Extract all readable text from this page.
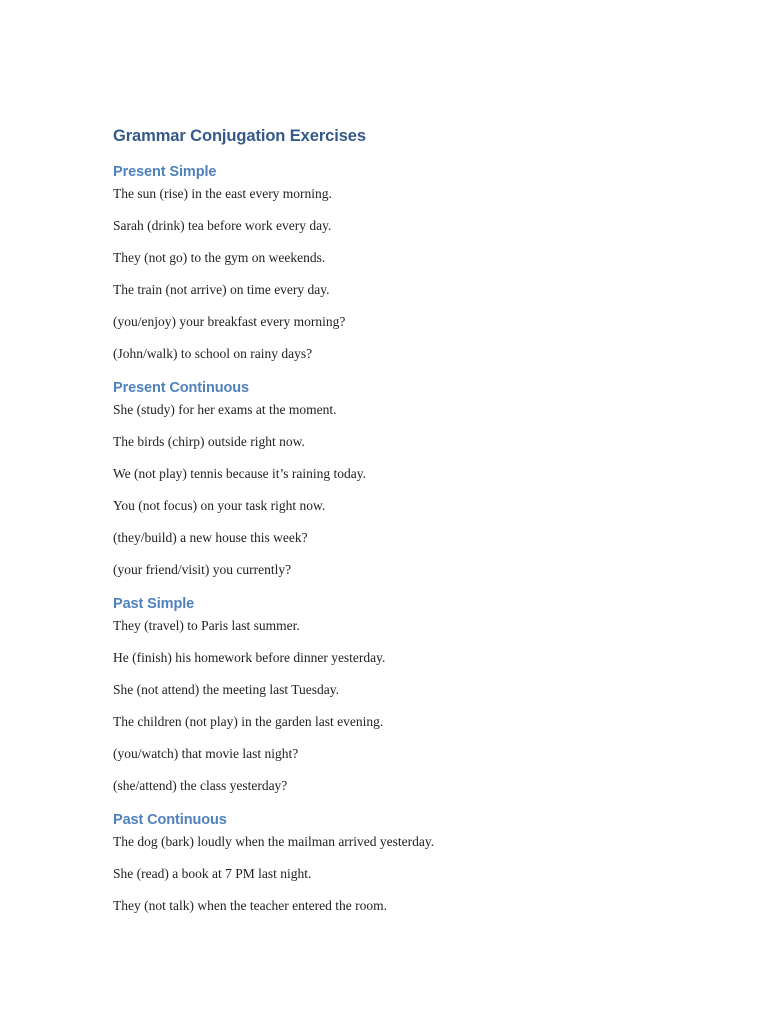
Grammar Conjugation Exercises
Present Simple

The sun (rise) in the east every morning.

Sarah (drink) tea before work every day.

They (not go) to the gym on weekends.

The train (not arrive) on time every day.

(you/enjoy) your breakfast every morning?

(John/walk) to school on rainy days?

Present Continuous

She (study) for her exams at the moment.

The birds (chirp) outside right now.

We (not play) tennis because it’s raining today.

You (not focus) on your task right now.

(they/build) a new house this week?

(your friend/visit) you currently?

Past Simple

They (travel) to Paris last summer.

He (finish) his homework before dinner yesterday.

She (not attend) the meeting last Tuesday.

The children (not play) in the garden last evening.

(you/watch) that movie last night?

(she/attend) the class yesterday?

Past Continuous

The dog (bark) loudly when the mailman arrived yesterday.

She (read) a book at 7 PM last night.

They (not talk) when the teacher entered the room.
